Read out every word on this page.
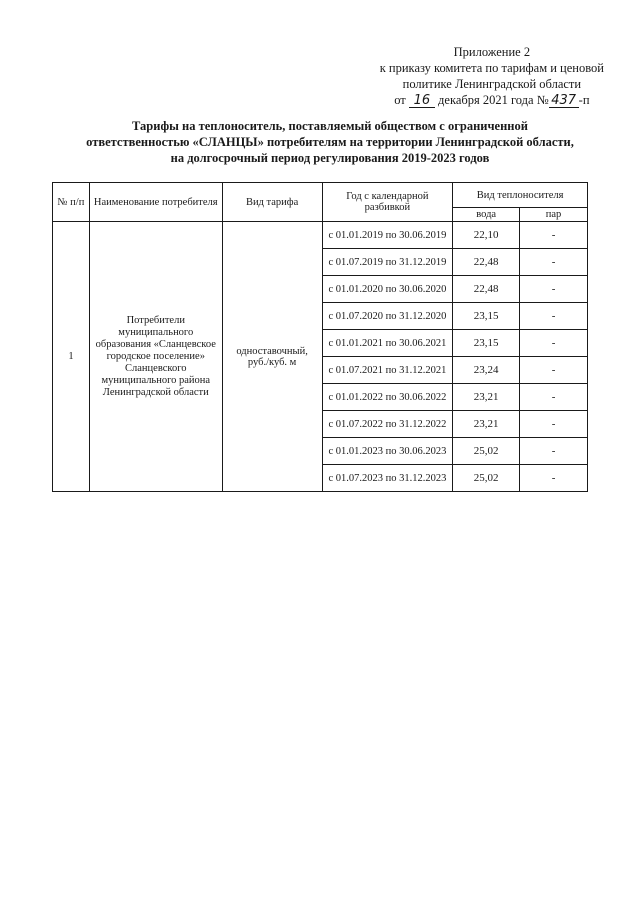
Приложение 2
к приказу комитета по тарифам и ценовой
политике Ленинградской области
от 16 декабря 2021 года № 437 -п
Тарифы на теплоноситель, поставляемый обществом с ограниченной
ответственностью «СЛАНЦЫ» потребителям на территории Ленинградской области,
на долгосрочный период регулирования 2019-2023 годов
№ п/п	Наименование потребителя	Вид тарифа	Год с календарной разбивкой	Вид теплоносителя	
				вода	пар
1	Потребители муниципального образования «Сланцевское городское поселение» Сланцевского муниципального района Ленинградской области	одноставочный, руб./куб. м	с 01.01.2019 по 30.06.2019	22,10	-
			с 01.07.2019 по 31.12.2019	22,48	-
			с 01.01.2020 по 30.06.2020	22,48	-
			с 01.07.2020 по 31.12.2020	23,15	-
			с 01.01.2021 по 30.06.2021	23,15	-
			с 01.07.2021 по 31.12.2021	23,24	-
			с 01.01.2022 по 30.06.2022	23,21	-
			с 01.07.2022 по 31.12.2022	23,21	-
			с 01.01.2023 по 30.06.2023	25,02	-
			с 01.07.2023 по 31.12.2023	25,02	-
